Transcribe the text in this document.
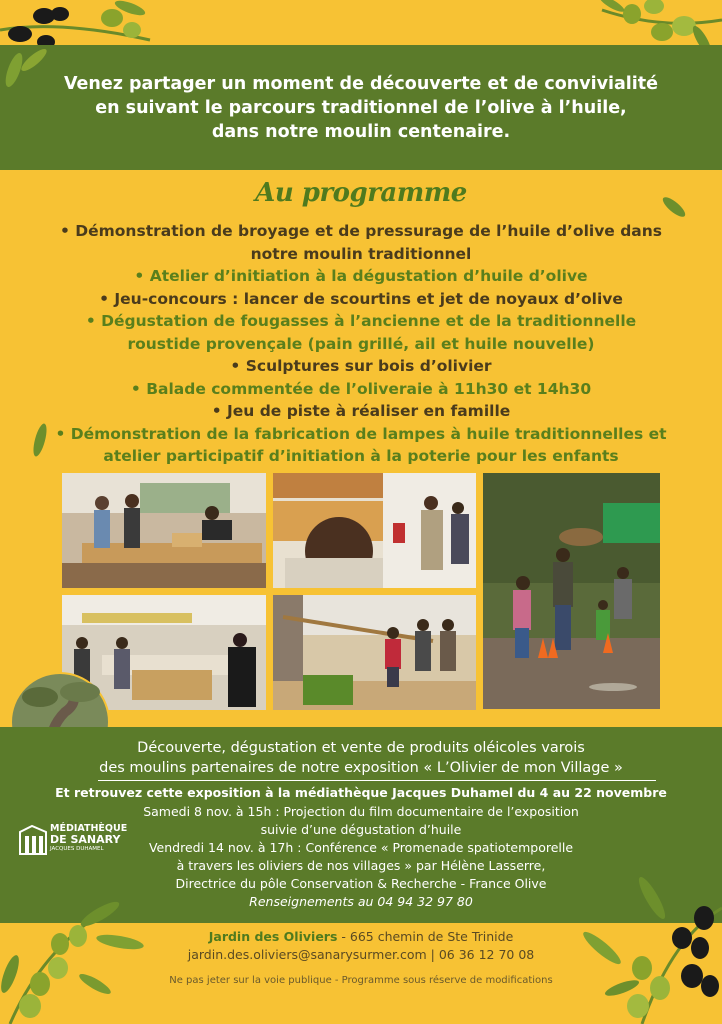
Venez partager un moment de découverte et de convivialité
en suivant le parcours traditionnel de l’olive à l’huile,
dans notre moulin centenaire.
Au programme
• Démonstration de broyage et de pressurage de l’huile d’olive dans
notre moulin traditionnel
• Atelier d’initiation à la dégustation d’huile d’olive
• Jeu-concours : lancer de scourtins et jet de noyaux d’olive
• Dégustation de fougasses à l’ancienne et de la traditionnelle
roustide provençale (pain grillé, ail et huile nouvelle)
• Sculptures sur bois d’olivier
• Balade commentée de l’oliveraie à 11h30 et 14h30
• Jeu de piste à réaliser en famille
• Démonstration de la fabrication de lampes à huile traditionnelles et
atelier participatif d’initiation à la poterie pour les enfants
Découverte, dégustation et vente de produits oléicoles varois
des moulins partenaires de notre exposition « L’Olivier de mon Village »
Et retrouvez cette exposition à la médiathèque Jacques Duhamel du 4 au 22 novembre
Samedi 8 nov. à 15h : Projection du film documentaire de l’exposition
suivie d’une dégustation d’huile
Vendredi 14 nov. à 17h : Conférence « Promenade spatiotemporelle
à travers les oliviers de nos villages » par Hélène Lasserre,
Directrice du pôle Conservation & Recherche - France Olive
Renseignements au 04 94 32 97 80
MÉDIATHÈQUE
DE SANARY
JACQUES DUHAMEL
Jardin des Oliviers - 665 chemin de Ste Trinide
jardin.des.oliviers@sanarysurmer.com | 06 36 12 70 08
Ne pas jeter sur la voie publique - Programme sous réserve de modifications
